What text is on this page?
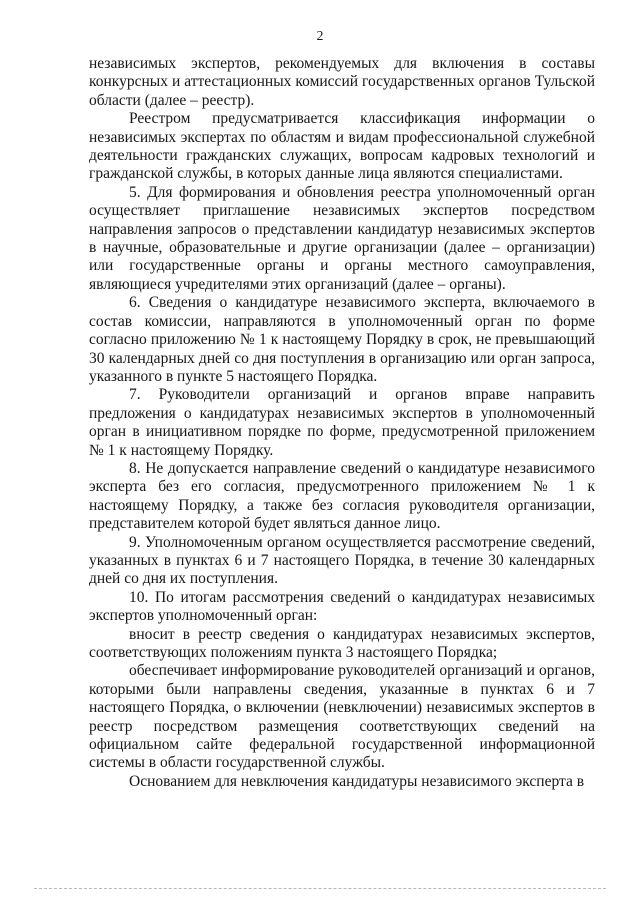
2

независимых экспертов, рекомендуемых для включения в составы конкурсных и аттестационных комиссий государственных органов Тульской области (далее – реестр).

Реестром предусматривается классификация информации о независимых экспертах по областям и видам профессиональной служебной деятельности гражданских служащих, вопросам кадровых технологий и гражданской службы, в которых данные лица являются специалистами.

5. Для формирования и обновления реестра уполномоченный орган осуществляет приглашение независимых экспертов посредством направления запросов о представлении кандидатур независимых экспертов в научные, образовательные и другие организации (далее – организации) или государственные органы и органы местного самоуправления, являющиеся учредителями этих организаций (далее – органы).

6. Сведения о кандидатуре независимого эксперта, включаемого в состав комиссии, направляются в уполномоченный орган по форме согласно приложению № 1 к настоящему Порядку в срок, не превышающий 30 календарных дней со дня поступления в организацию или орган запроса, указанного в пункте 5 настоящего Порядка.

7. Руководители организаций и органов вправе направить предложения о кандидатурах независимых экспертов в уполномоченный орган в инициативном порядке по форме, предусмотренной приложением № 1 к настоящему Порядку.

8. Не допускается направление сведений о кандидатуре независимого эксперта без его согласия, предусмотренного приложением № 1 к настоящему Порядку, а также без согласия руководителя организации, представителем которой будет являться данное лицо.

9. Уполномоченным органом осуществляется рассмотрение сведений, указанных в пунктах 6 и 7 настоящего Порядка, в течение 30 календарных дней со дня их поступления.

10. По итогам рассмотрения сведений о кандидатурах независимых экспертов уполномоченный орган:

вносит в реестр сведения о кандидатурах независимых экспертов, соответствующих положениям пункта 3 настоящего Порядка;

обеспечивает информирование руководителей организаций и органов, которыми были направлены сведения, указанные в пунктах 6 и 7 настоящего Порядка, о включении (невключении) независимых экспертов в реестр посредством размещения соответствующих сведений на официальном сайте федеральной государственной информационной системы в области государственной службы.

Основанием для невключения кандидатуры независимого эксперта в
